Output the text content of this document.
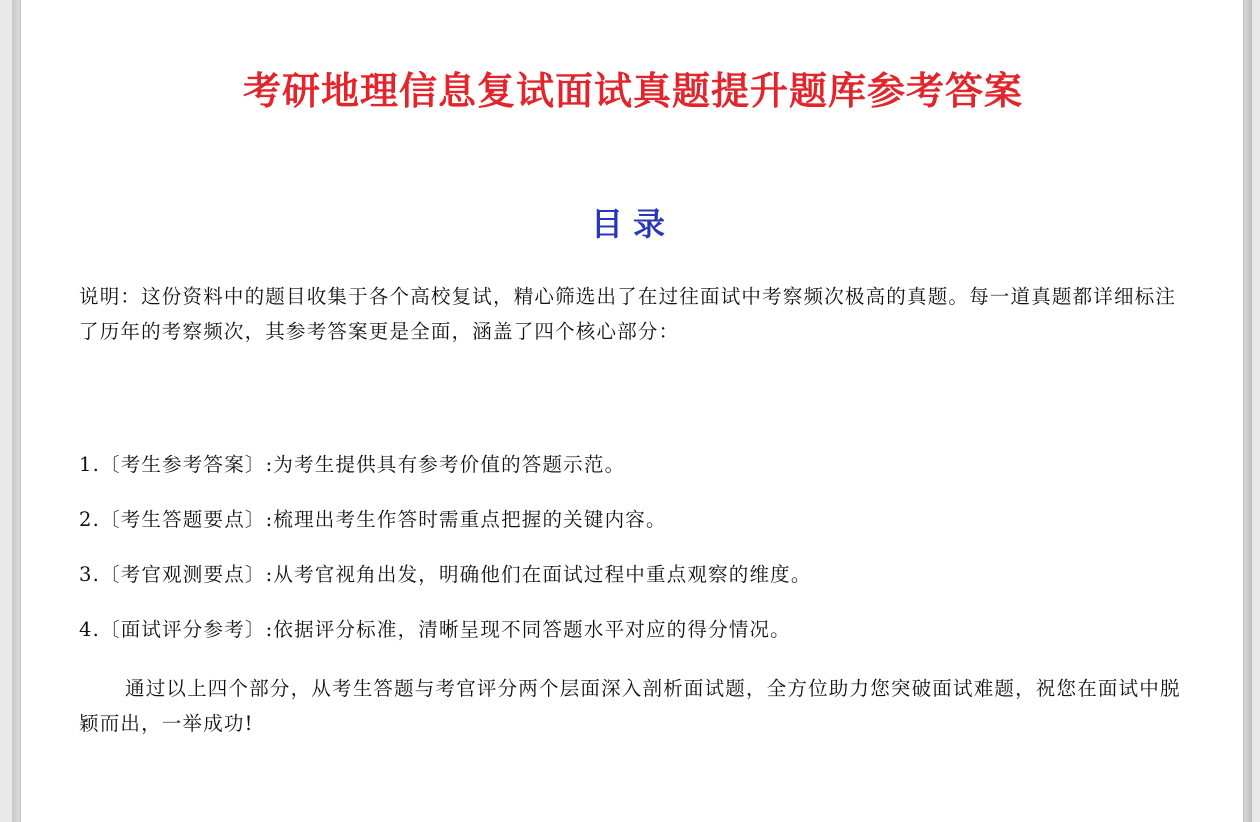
考研地理信息复试面试真题提升题库参考答案
目录
说明：这份资料中的题目收集于各个高校复试，精心筛选出了在过往面试中考察频次极高的真题。每一道真题都详细标注了历年的考察频次，其参考答案更是全面，涵盖了四个核心部分：
1.〔考生参考答案〕:为考生提供具有参考价值的答题示范。
2.〔考生答题要点〕:梳理出考生作答时需重点把握的关键内容。
3.〔考官观测要点〕:从考官视角出发，明确他们在面试过程中重点观察的维度。
4.〔面试评分参考〕:依据评分标准，清晰呈现不同答题水平对应的得分情况。
通过以上四个部分，从考生答题与考官评分两个层面深入剖析面试题，全方位助力您突破面试难题，祝您在面试中脱颖而出，一举成功!
